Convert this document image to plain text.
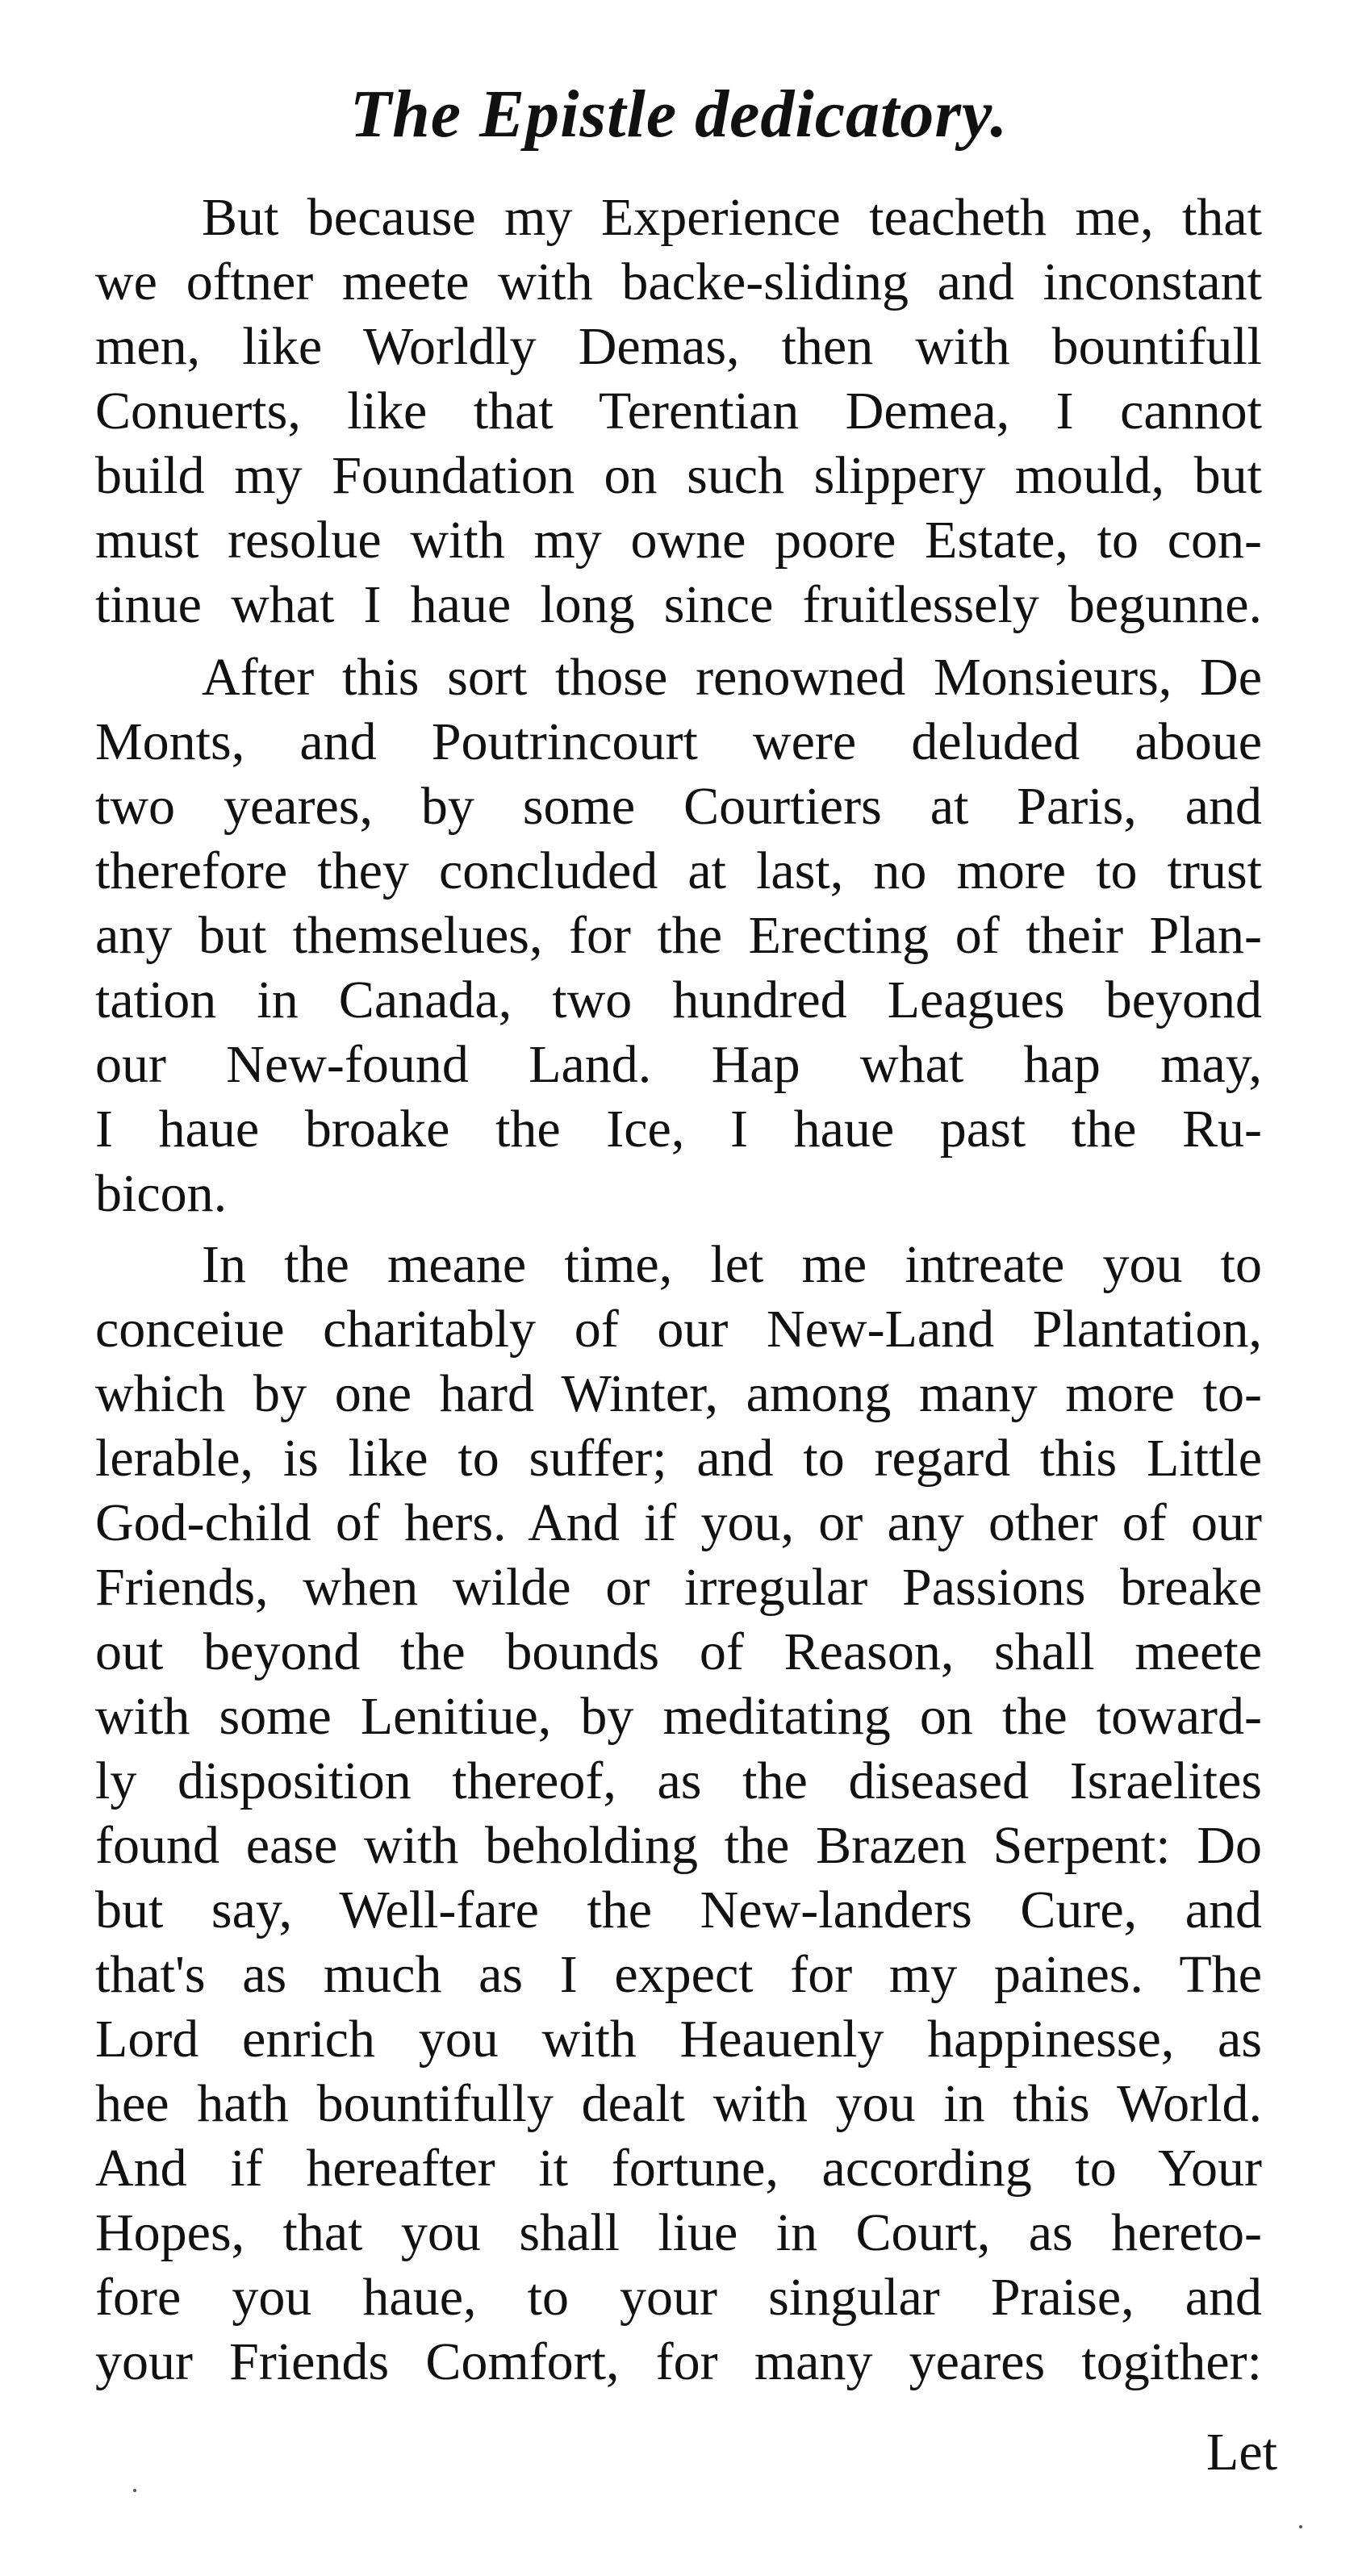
The Epistle dedicatory.
But because my Experience teacheth me, that
we oftner meete with backe-sliding and inconstant
men, like Worldly Demas, then with bountifull
Conuerts, like that Terentian Demea, I cannot
build my Foundation on such slippery mould, but
must resolue with my owne poore Estate, to con-
tinue what I haue long since fruitlessely begunne.
After this sort those renowned Monsieurs, De
Monts, and Poutrincourt were deluded aboue
two yeares, by some Courtiers at Paris, and
therefore they concluded at last, no more to trust
any but themselues, for the Erecting of their Plan-
tation in Canada, two hundred Leagues beyond
our New-found Land. Hap what hap may,
I haue broake the Ice, I haue past the Ru-
bicon.
In the meane time, let me intreate you to
conceiue charitably of our New-Land Plantation,
which by one hard Winter, among many more to-
lerable, is like to suffer; and to regard this Little
God-child of hers. And if you, or any other of our
Friends, when wilde or irregular Passions breake
out beyond the bounds of Reason, shall meete
with some Lenitiue, by meditating on the toward-
ly disposition thereof, as the diseased Israelites
found ease with beholding the Brazen Serpent: Do
but say, Well-fare the New-landers Cure, and
that's as much as I expect for my paines. The
Lord enrich you with Heauenly happinesse, as
hee hath bountifully dealt with you in this World.
And if hereafter it fortune, according to Your
Hopes, that you shall liue in Court, as hereto-
fore you haue, to your singular Praise, and
your Friends Comfort, for many yeares togither:
Let
